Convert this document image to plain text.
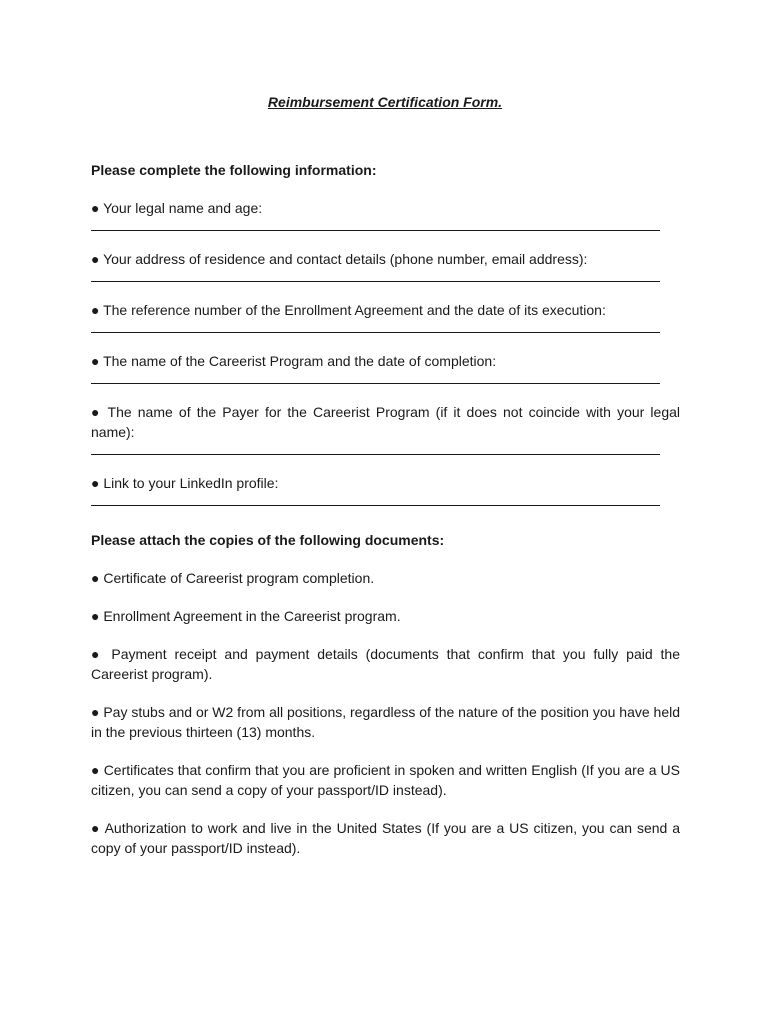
Reimbursement Certification Form.

Please complete the following information:

● Your legal name and age:

● Your address of residence and contact details (phone number, email address):

● The reference number of the Enrollment Agreement and the date of its execution:

● The name of the Careerist Program and the date of completion:

● The name of the Payer for the Careerist Program (if it does not coincide with your legal name):

● Link to your LinkedIn profile:

Please attach the copies of the following documents:

● Certificate of Careerist program completion.
● Enrollment Agreement in the Careerist program.
● Payment receipt and payment details (documents that confirm that you fully paid the Careerist program).
● Pay stubs and or W2 from all positions, regardless of the nature of the position you have held in the previous thirteen (13) months.
● Certificates that confirm that you are proficient in spoken and written English (If you are a US citizen, you can send a copy of your passport/ID instead).
● Authorization to work and live in the United States (If you are a US citizen, you can send a copy of your passport/ID instead).
